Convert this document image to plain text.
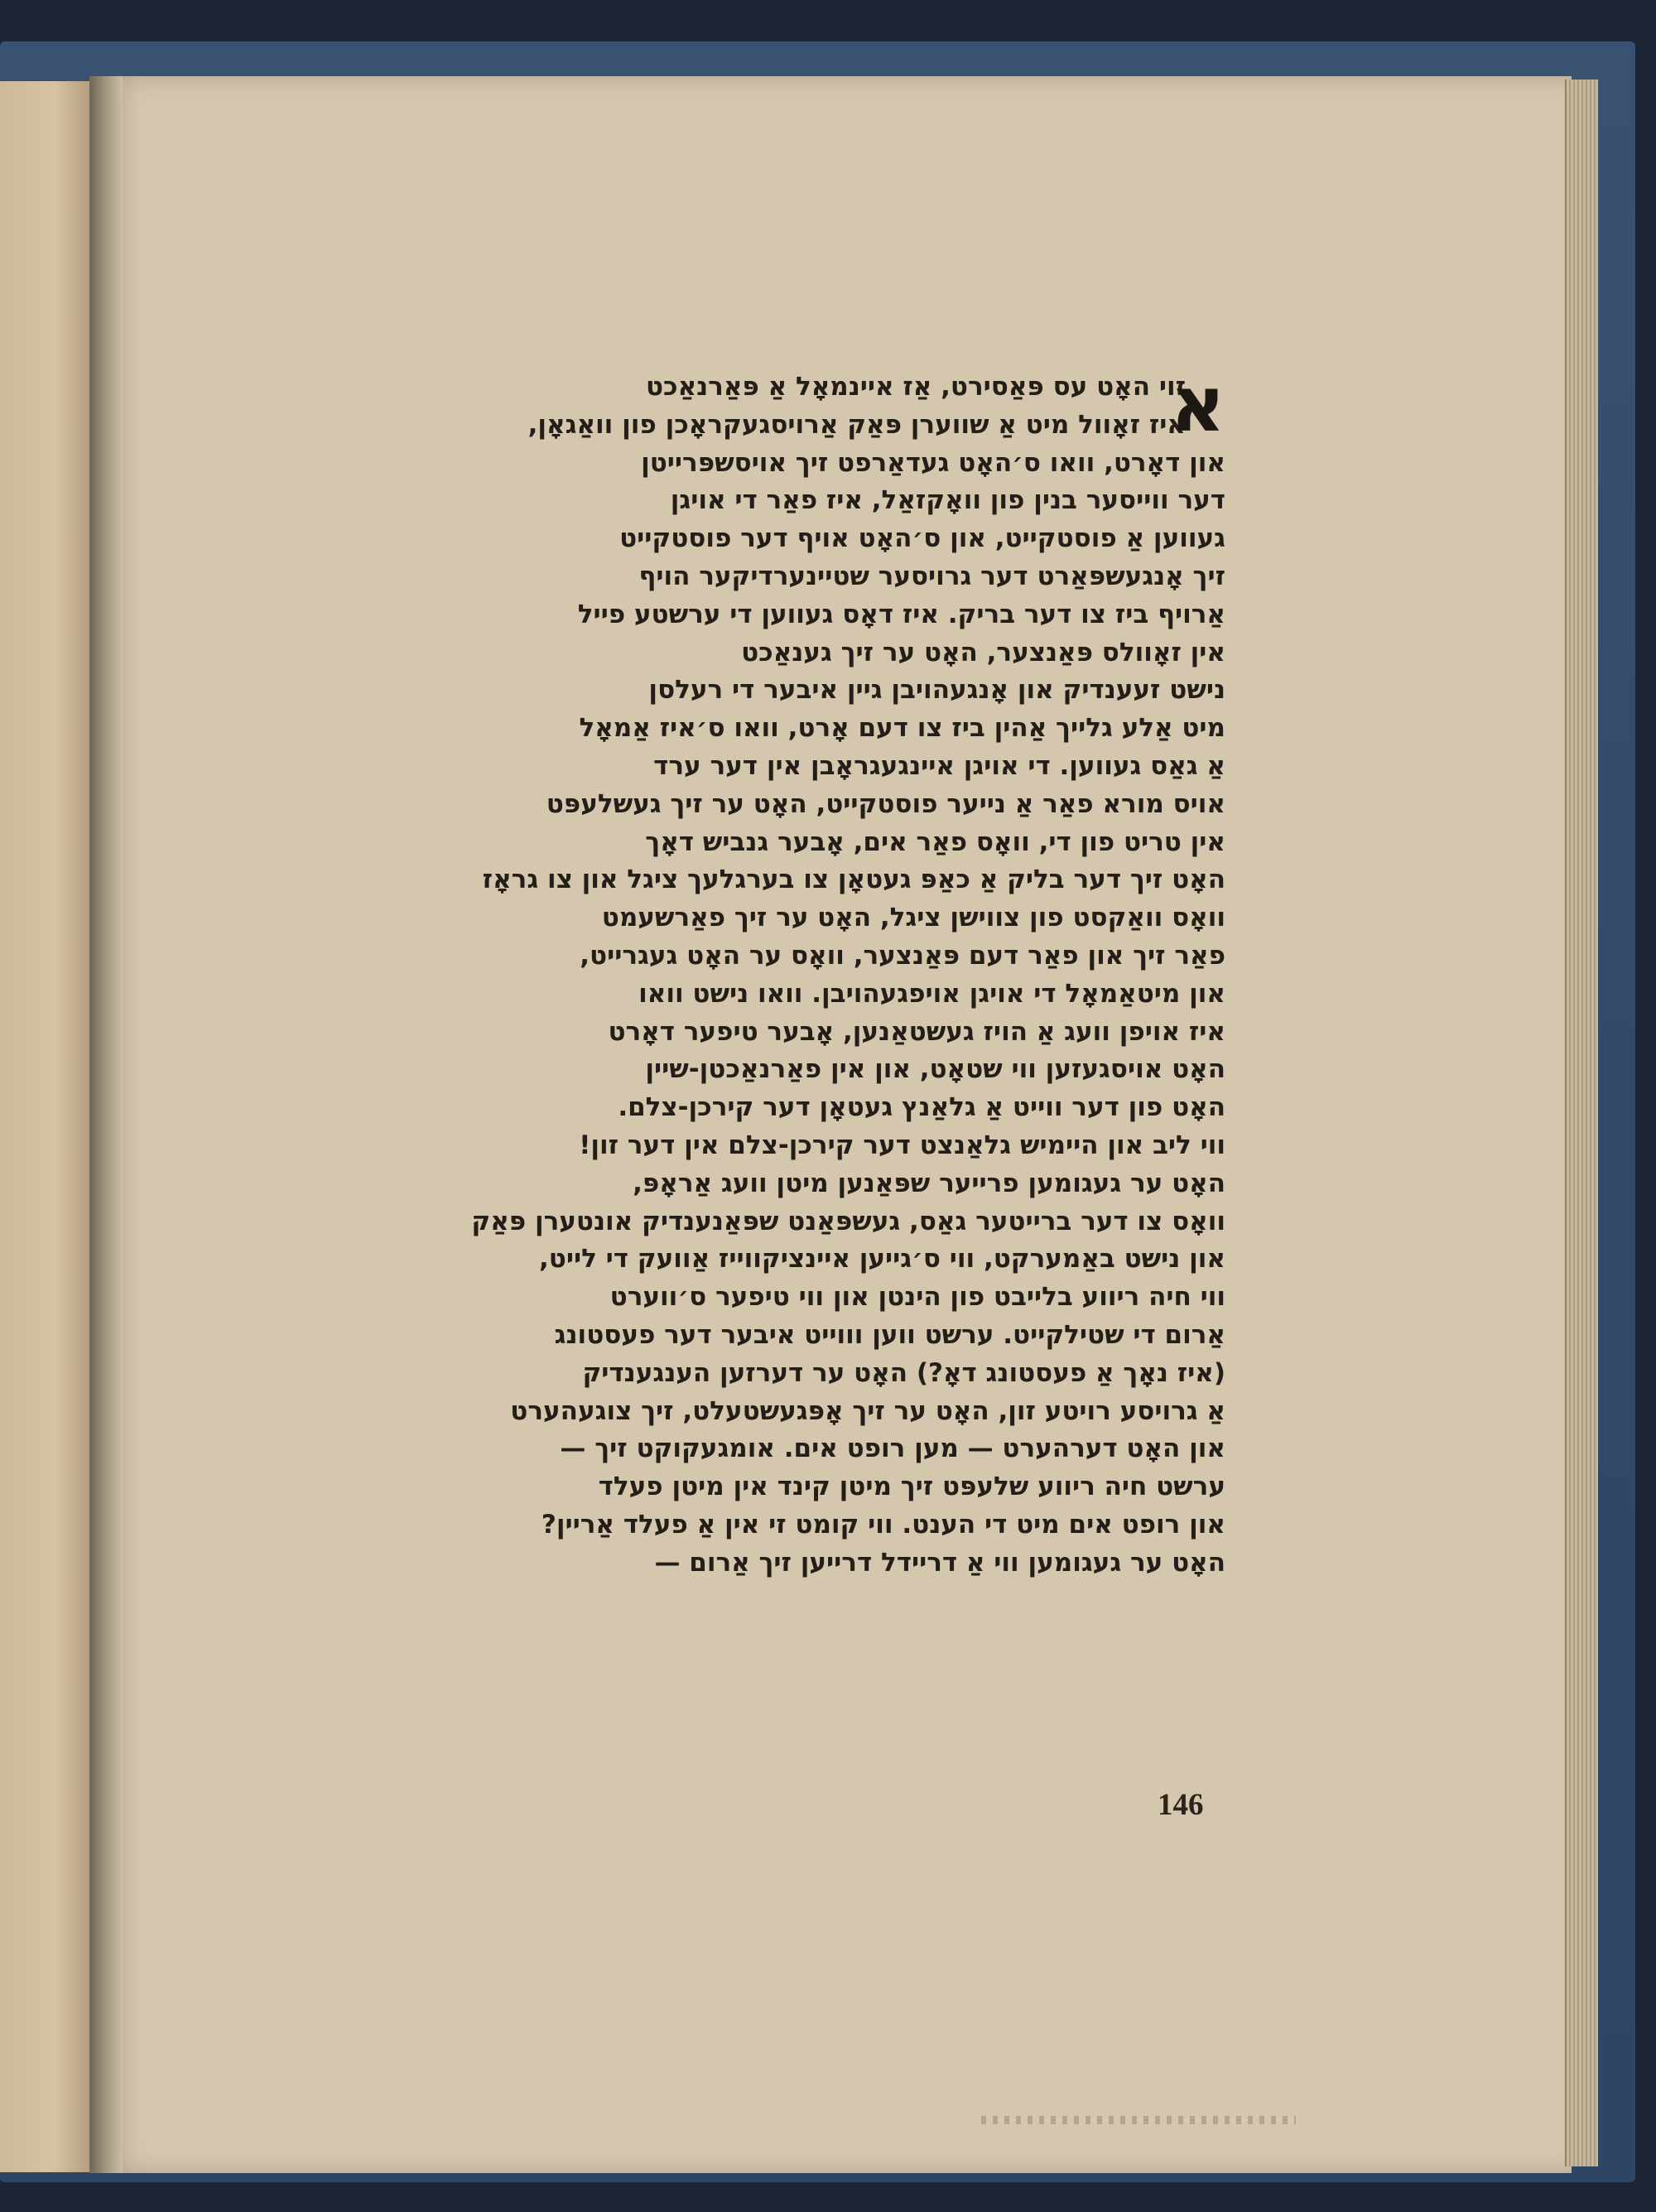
א
זוי האָט עס פּאַסירט, אַז איינמאָל אַ פּאַרנאַכט
איז זאָוול מיט אַ שווערן פּאַק אַרויסגעקראָכן פון וואַגאָן,
און דאָרט, וואו ס׳האָט געדאַרפט זיך אויסשפּרייטן
דער ווייסער בנין פון וואָקזאַל, איז פאַר די אויגן
געווען אַ פוסטקייט, און ס׳האָט אויף דער פוסטקייט
זיך אָנגעשפּאַרט דער גרויסער שטיינערדיקער הויף
אַרויף ביז צו דער בריק. איז דאָס געווען די ערשטע פייל
אין זאָוולס פּאַנצער, האָט ער זיך גענאַכט
נישט זעענדיק און אָנגעהויבן גיין איבער די רעלסן
מיט אַלע גלייך אַהין ביז צו דעם אָרט, וואו ס׳איז אַמאָל
אַ גאַס געווען. די אויגן איינגעגראָבן אין דער ערד
אויס מורא פאַר אַ נייער פוסטקייט, האָט ער זיך געשלעפּט
אין טריט פון די, וואָס פאַר אים, אָבער גנביש דאָך
האָט זיך דער בליק אַ כאַפּ געטאָן צו בערגלעך ציגל און צו גראָז
וואָס וואַקסט פון צווישן ציגל, האָט ער זיך פאַרשעמט
פאַר זיך און פאַר דעם פּאַנצער, וואָס ער האָט געגרייט,
און מיטאַמאָל די אויגן אויפגעהויבן. וואו נישט וואו
איז אויפן וועג אַ הויז געשטאַנען, אָבער טיפער דאָרט
האָט אויסגעזען ווי שטאָט, און אין פאַרנאַכטן-שיין
האָט פון דער ווייט אַ גלאַנץ געטאָן דער קירכן-צלם.
ווי ליב און היימיש גלאַנצט דער קירכן-צלם אין דער זון!
האָט ער געגומען פרייער שפּאַנען מיטן וועג אַראָפּ,
וואָס צו דער ברייטער גאַס, געשפּאַנט שפּאַנענדיק אונטערן פּאַק
און נישט באַמערקט, ווי ס׳גייען איינציקווייז אַוועק די לייט,
ווי חיה ריווע בלייבט פון הינטן און ווי טיפער ס׳ווערט
אַרום די שטילקייט. ערשט ווען וווייט איבער דער פעסטונג
(איז נאָך אַ פעסטונג דאָ?) האָט ער דערזען הענגענדיק
אַ גרויסע רויטע זון, האָט ער זיך אָפּגעשטעלט, זיך צוגעהערט
און האָט דערהערט — מען רופט אים. אומגעקוקט זיך —
ערשט חיה ריווע שלעפּט זיך מיטן קינד אין מיטן פעלד
און רופט אים מיט די הענט. ווי קומט זי אין אַ פעלד אַריין?
האָט ער געגומען ווי אַ דריידל דרייען זיך אַרום —
146
